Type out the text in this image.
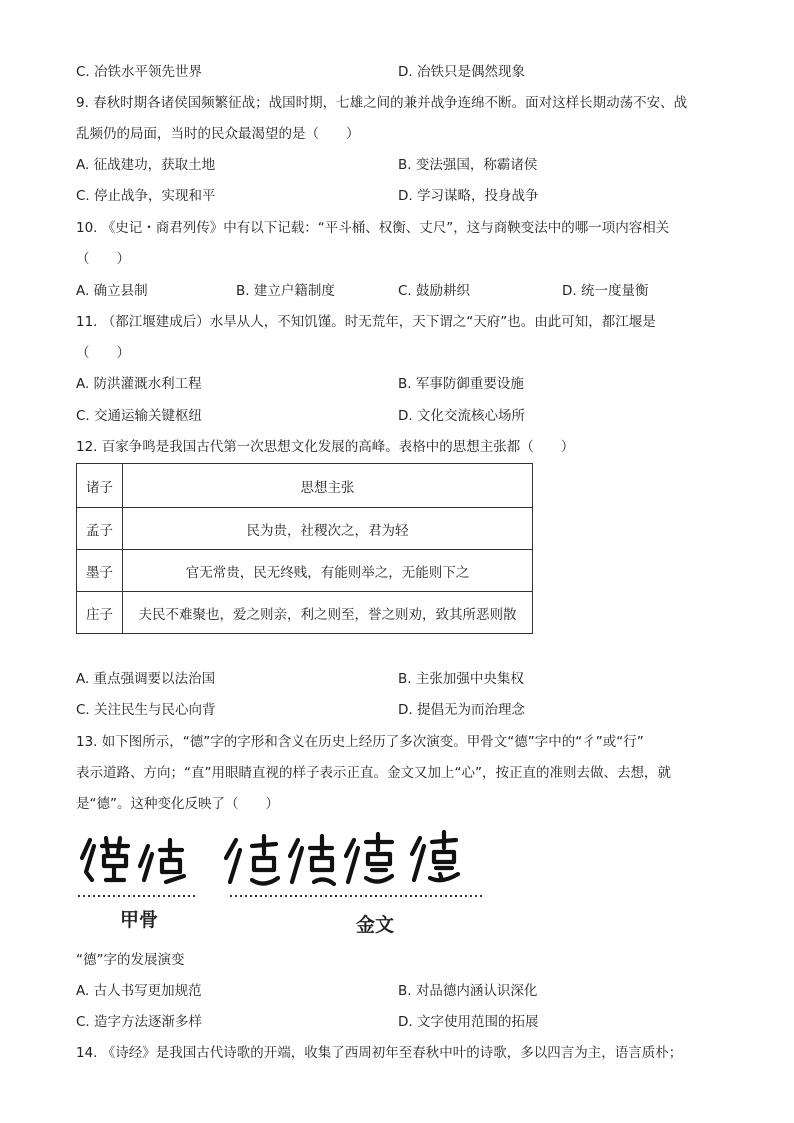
C. 冶铁水平领先世界	D. 冶铁只是偶然现象
9. 春秋时期各诸侯国频繁征战；战国时期，七雄之间的兼并战争连绵不断。面对这样长期动荡不安、战
乱频仍的局面，当时的民众最渴望的是（　　）
A. 征战建功，获取土地	B. 变法强国，称霸诸侯
C. 停止战争，实现和平	D. 学习谋略，投身战争
10. 《史记・商君列传》中有以下记载：“平斗桶、权衡、丈尺”，这与商鞅变法中的哪一项内容相关
（　　）
A. 确立县制	B. 建立户籍制度	C. 鼓励耕织	D. 统一度量衡
11. （都江堰建成后）水旱从人，不知饥馑。时无荒年，天下谓之“天府”也。由此可知，都江堰是
（　　）
A. 防洪灌溉水利工程	B. 军事防御重要设施
C. 交通运输关键枢纽	D. 文化交流核心场所
12. 百家争鸣是我国古代第一次思想文化发展的高峰。表格中的思想主张都（　　）
诸子	思想主张
孟子	民为贵，社稷次之，君为轻
墨子	官无常贵，民无终贱，有能则举之，无能则下之
庄子	夫民不难聚也，爱之则亲，利之则至，誉之则劝，致其所恶则散
A. 重点强调要以法治国	B. 主张加强中央集权
C. 关注民生与民心向背	D. 提倡无为而治理念
13. 如下图所示，“德”字的字形和含义在历史上经历了多次演变。甲骨文“德”字中的“彳”或“行”
表示道路、方向；“直”用眼睛直视的样子表示正直。金文又加上“心”，按正直的准则去做、去想，就
是“德”。这种变化反映了（　　）
甲骨	金文
“德”字的发展演变
A. 古人书写更加规范	B. 对品德内涵认识深化
C. 造字方法逐渐多样	D. 文字使用范围的拓展
14. 《诗经》是我国古代诗歌的开端，收集了西周初年至春秋中叶的诗歌，多以四言为主，语言质朴；
